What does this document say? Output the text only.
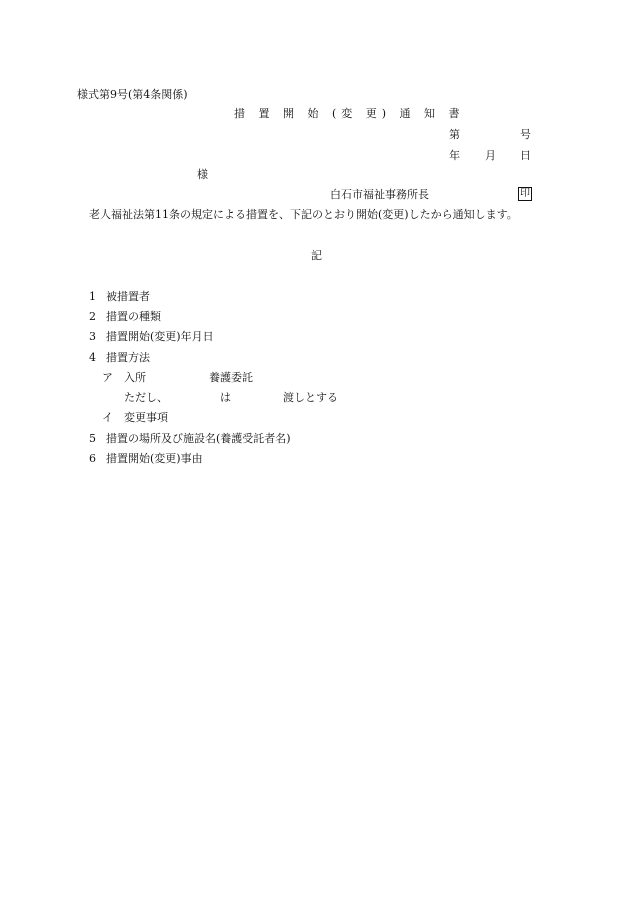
様式第9号(第4条関係)
措 置 開 始 (変 更) 通 知 書
第	号
年 月 日
様
白石市福祉事務所長	印
老人福祉法第11条の規定による措置を、下記のとおり開始(変更)したから通知します。
記
1 被措置者
2 措置の種類
3 措置開始(変更)年月日
4 措置方法
ア 入所	養護委託
ただし、	は	渡しとする
イ 変更事項
5 措置の場所及び施設名(養護受託者名)
6 措置開始(変更)事由
